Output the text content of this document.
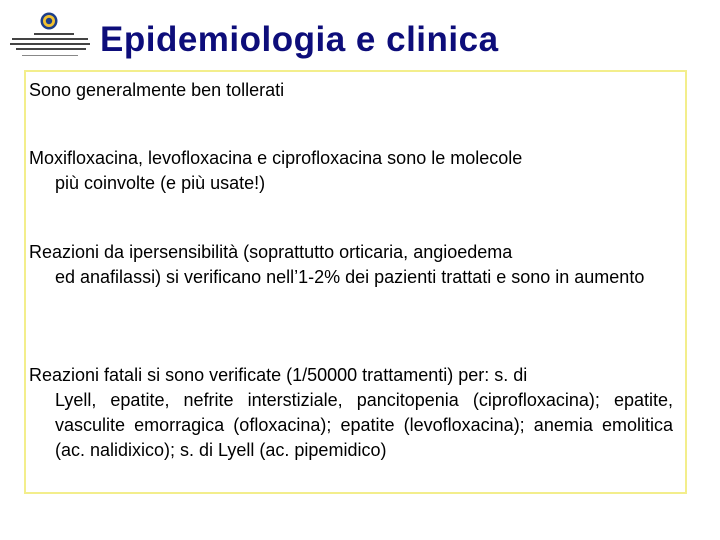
Epidemiologia e clinica
Sono generalmente ben tollerati
Moxifloxacina, levofloxacina e ciprofloxacina sono le molecole
più coinvolte (e più usate!)
Reazioni da ipersensibilità (soprattutto orticaria, angioedema
ed anafilassi) si verificano nell’1-2% dei pazienti trattati e sono in aumento
Reazioni fatali si sono verificate (1/50000 trattamenti) per: s. di
Lyell, epatite, nefrite interstiziale, pancitopenia (ciprofloxacina); epatite, vasculite emorragica (ofloxacina); epatite (levofloxacina); anemia emolitica (ac. nalidixico); s. di Lyell (ac. pipemidico)
